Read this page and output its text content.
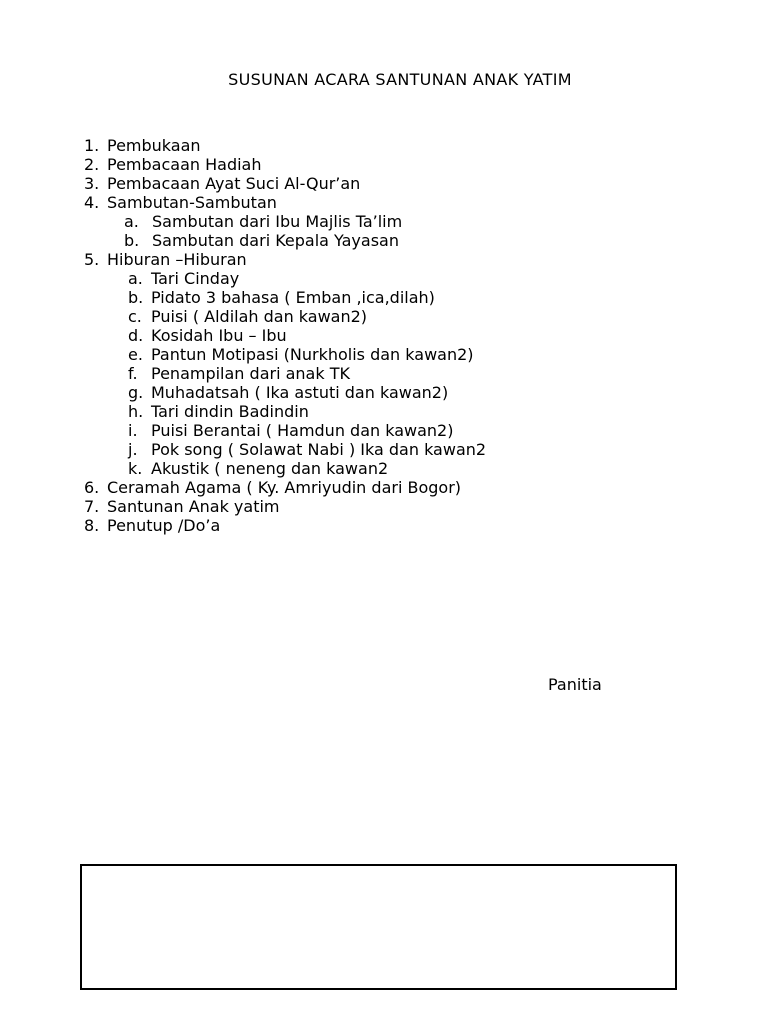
SUSUNAN ACARA SANTUNAN ANAK YATIM
1. Pembukaan
2. Pembacaan Hadiah
3. Pembacaan Ayat Suci Al-Qur’an
4. Sambutan-Sambutan
a. Sambutan dari Ibu Majlis Ta’lim
b. Sambutan dari Kepala Yayasan
5. Hiburan –Hiburan
a. Tari Cinday
b. Pidato 3 bahasa ( Emban ,ica,dilah)
c. Puisi ( Aldilah dan kawan2)
d. Kosidah Ibu – Ibu
e. Pantun Motipasi (Nurkholis dan kawan2)
f. Penampilan dari anak TK
g. Muhadatsah ( Ika astuti dan kawan2)
h. Tari dindin Badindin
i. Puisi Berantai ( Hamdun dan kawan2)
j. Pok song ( Solawat Nabi ) Ika dan kawan2
k. Akustik ( neneng dan kawan2
6. Ceramah Agama ( Ky. Amriyudin dari Bogor)
7. Santunan Anak yatim
8. Penutup /Do’a

Panitia
